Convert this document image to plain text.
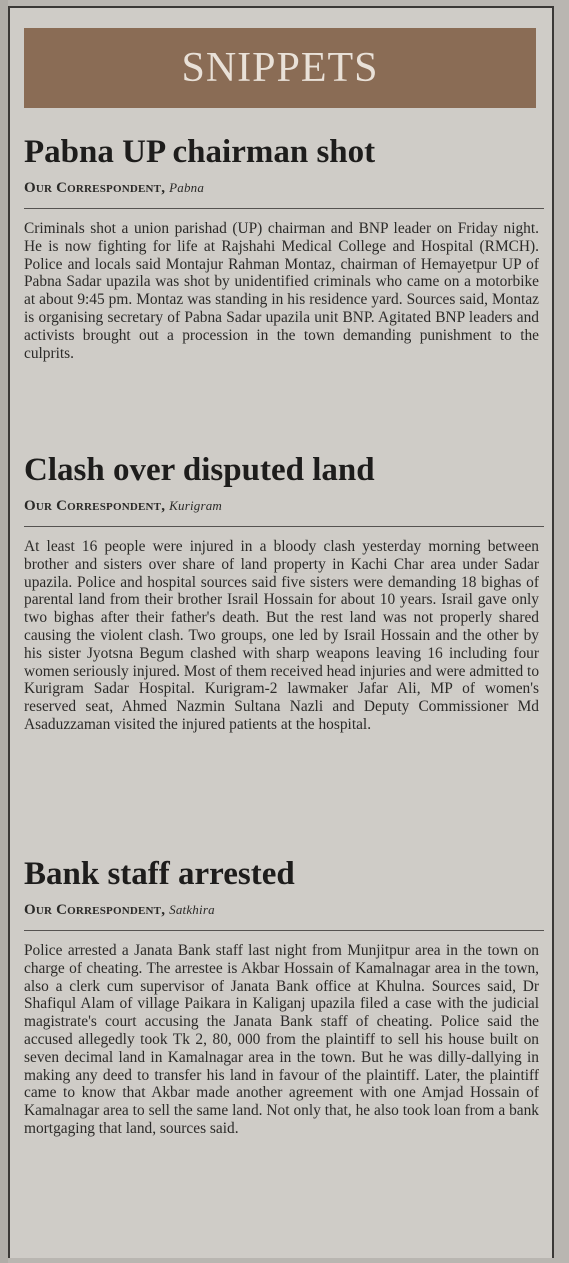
SNIPPETS
Pabna UP chairman shot
Our Correspondent, Pabna
Criminals shot a union parishad (UP) chairman and BNP leader on Friday night. He is now fighting for life at Rajshahi Medical College and Hospital (RMCH). Police and locals said Montajur Rahman Montaz, chairman of Hemayetpur UP of Pabna Sadar upazila was shot by unidentified criminals who came on a motorbike at about 9:45 pm. Montaz was standing in his residence yard. Sources said, Montaz is organising secretary of Pabna Sadar upazila unit BNP. Agitated BNP leaders and activists brought out a procession in the town demanding punishment to the culprits.
Clash over disputed land
Our Correspondent, Kurigram
At least 16 people were injured in a bloody clash yesterday morning between brother and sisters over share of land property in Kachi Char area under Sadar upazila. Police and hospital sources said five sisters were demanding 18 bighas of parental land from their brother Israil Hossain for about 10 years. Israil gave only two bighas after their father's death. But the rest land was not properly shared causing the violent clash. Two groups, one led by Israil Hossain and the other by his sister Jyotsna Begum clashed with sharp weapons leaving 16 including four women seriously injured. Most of them received head injuries and were admitted to Kurigram Sadar Hospital. Kurigram-2 lawmaker Jafar Ali, MP of women's reserved seat, Ahmed Nazmin Sultana Nazli and Deputy Commissioner Md Asaduzzaman visited the injured patients at the hospital.
Bank staff arrested
Our Correspondent, Satkhira
Police arrested a Janata Bank staff last night from Munjitpur area in the town on charge of cheating. The arrestee is Akbar Hossain of Kamalnagar area in the town, also a clerk cum supervisor of Janata Bank office at Khulna. Sources said, Dr Shafiqul Alam of village Paikara in Kaliganj upazila filed a case with the judicial magistrate's court accusing the Janata Bank staff of cheating. Police said the accused allegedly took Tk 2, 80, 000 from the plaintiff to sell his house built on seven decimal land in Kamalnagar area in the town. But he was dilly-dallying in making any deed to transfer his land in favour of the plaintiff. Later, the plaintiff came to know that Akbar made another agreement with one Amjad Hossain of Kamalnagar area to sell the same land. Not only that, he also took loan from a bank mortgaging that land, sources said.
